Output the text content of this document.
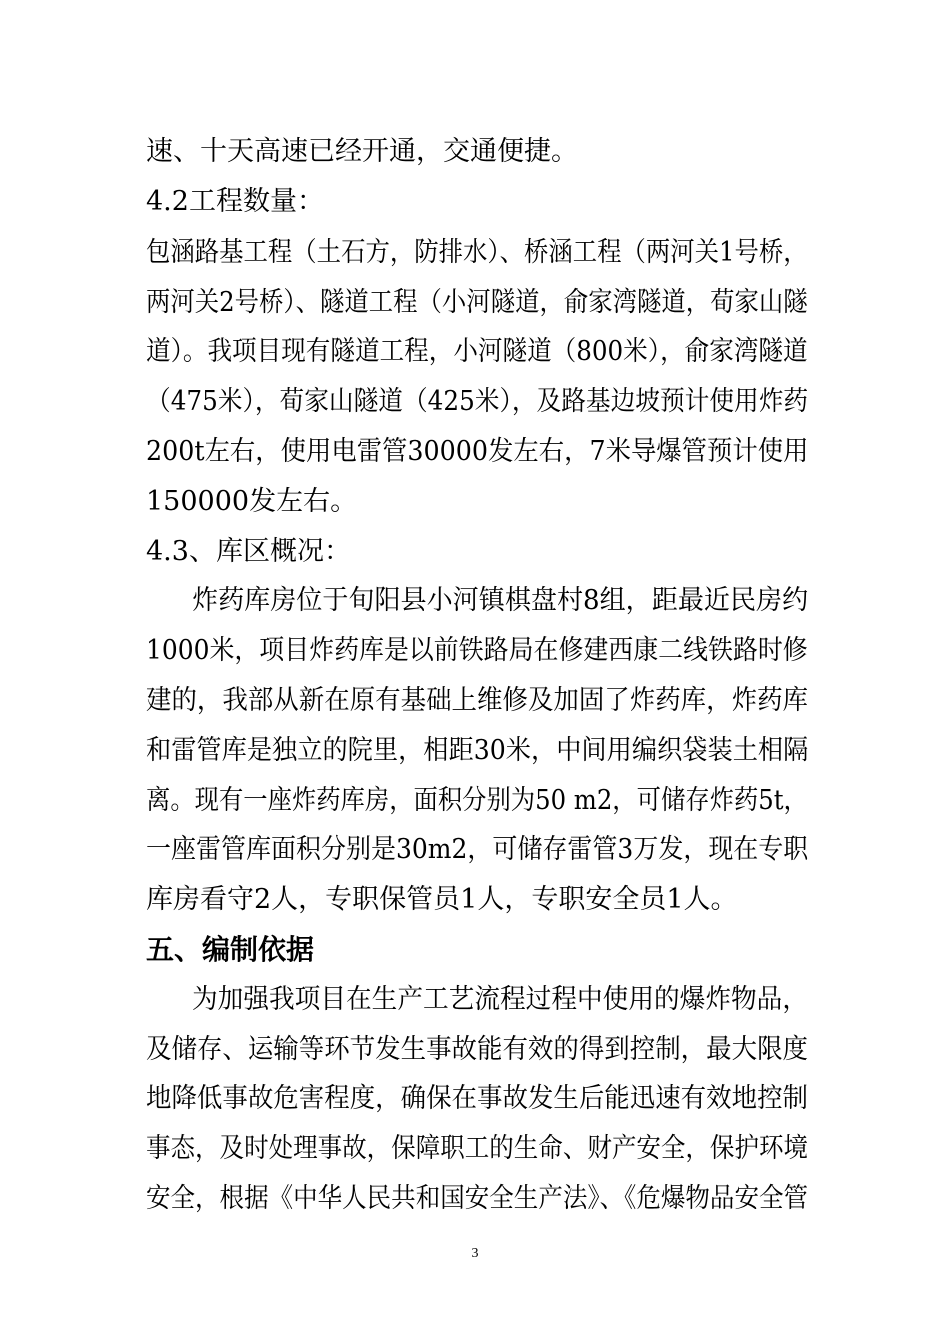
速、十天高速已经开通，交通便捷。
4.2工程数量：
包涵路基工程（土石方，防排水）、桥涵工程（两河关1号桥，
两河关2号桥）、隧道工程（小河隧道，俞家湾隧道，荀家山隧
道）。我项目现有隧道工程，小河隧道（800米），俞家湾隧道
（475米），荀家山隧道（425米），及路基边坡预计使用炸药
200t左右，使用电雷管30000发左右，7米导爆管预计使用
150000发左右。
4.3、库区概况：
炸药库房位于旬阳县小河镇棋盘村8组，距最近民房约
1000米，项目炸药库是以前铁路局在修建西康二线铁路时修
建的，我部从新在原有基础上维修及加固了炸药库，炸药库
和雷管库是独立的院里，相距30米，中间用编织袋装土相隔
离。现有一座炸药库房，面积分别为50 m2，可储存炸药5t，
一座雷管库面积分别是30m2，可储存雷管3万发，现在专职
库房看守2人，专职保管员1人，专职安全员1人。
五、编制依据
为加强我项目在生产工艺流程过程中使用的爆炸物品，
及储存、运输等环节发生事故能有效的得到控制，最大限度
地降低事故危害程度，确保在事故发生后能迅速有效地控制
事态，及时处理事故，保障职工的生命、财产安全，保护环境
安全，根据《中华人民共和国安全生产法》、《危爆物品安全管
3
